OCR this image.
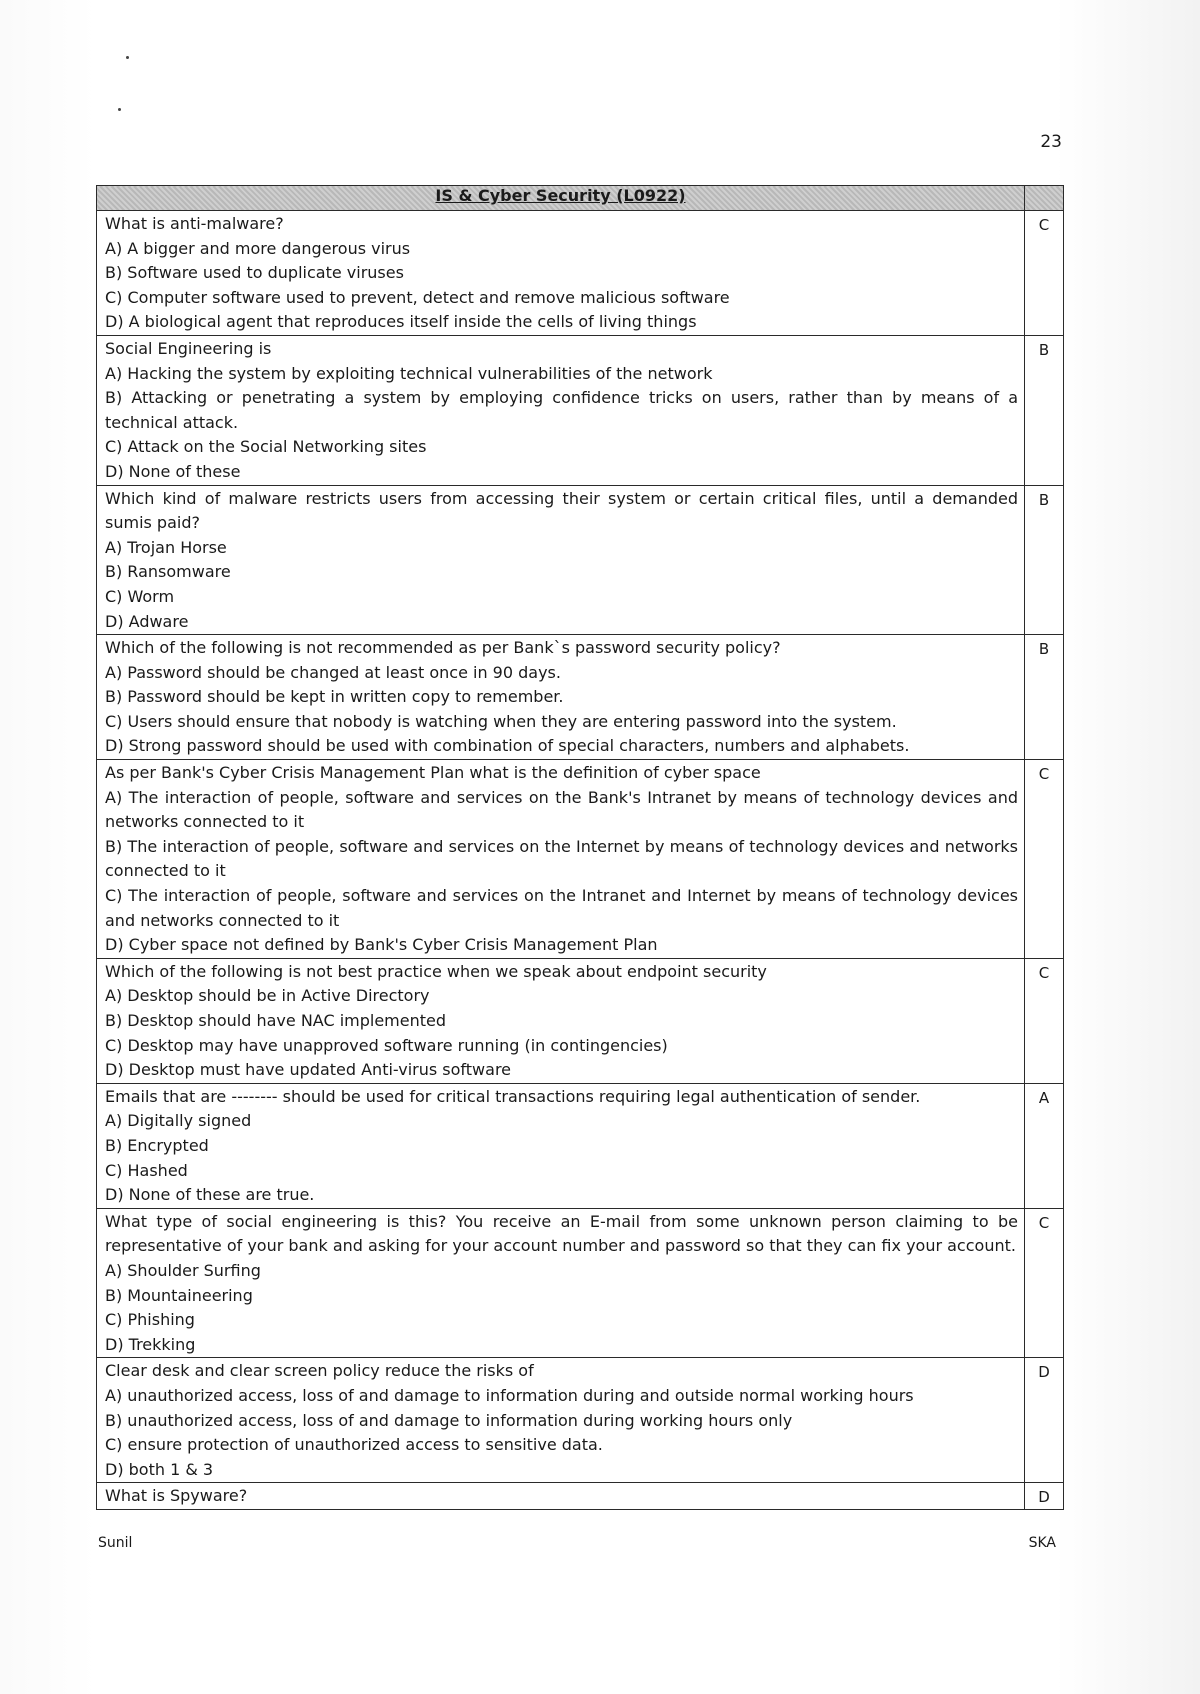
23
IS & Cyber Security (L0922)	

What is anti-malware?

A) A bigger and more dangerous virus

B) Software used to duplicate viruses

C) Computer software used to prevent, detect and remove malicious software

D) A biological agent that reproduces itself inside the cells of living things	C

Social Engineering is

A) Hacking the system by exploiting technical vulnerabilities of the network

B) Attacking or penetrating a system by employing confidence tricks on users, rather than by means of a technical attack.

C) Attack on the Social Networking sites

D) None of these	B

Which kind of malware restricts users from accessing their system or certain critical files, until a demanded sumis paid?

A) Trojan Horse

B) Ransomware

C) Worm

D) Adware	B

Which of the following is not recommended as per Bank`s password security policy?

A) Password should be changed at least once in 90 days.

B) Password should be kept in written copy to remember.

C) Users should ensure that nobody is watching when they are entering password into the system.

D) Strong password should be used with combination of special characters, numbers and alphabets.	B

As per Bank's Cyber Crisis Management Plan what is the definition of cyber space

A) The interaction of people, software and services on the Bank's Intranet by means of technology devices and networks connected to it

B) The interaction of people, software and services on the Internet by means of technology devices and networks connected to it

C) The interaction of people, software and services on the Intranet and Internet by means of technology devices and networks connected to it

D) Cyber space not defined by Bank's Cyber Crisis Management Plan	C

Which of the following is not best practice when we speak about endpoint security

A) Desktop should be in Active Directory

B) Desktop should have NAC implemented

C) Desktop may have unapproved software running (in contingencies)

D) Desktop must have updated Anti-virus software	C

Emails that are -------- should be used for critical transactions requiring legal authentication of sender.

A) Digitally signed

B) Encrypted

C) Hashed

D) None of these are true.	A

What type of social engineering is this? You receive an E-mail from some unknown person claiming to be representative of your bank and asking for your account number and password so that they can fix your account.

A) Shoulder Surfing

B) Mountaineering

C) Phishing

D) Trekking	C

Clear desk and clear screen policy reduce the risks of

A) unauthorized access, loss of and damage to information during and outside normal working hours

B) unauthorized access, loss of and damage to information during working hours only

C) ensure protection of unauthorized access to sensitive data.

D) both 1 & 3	D

What is Spyware?	D
Sunil	SKA
